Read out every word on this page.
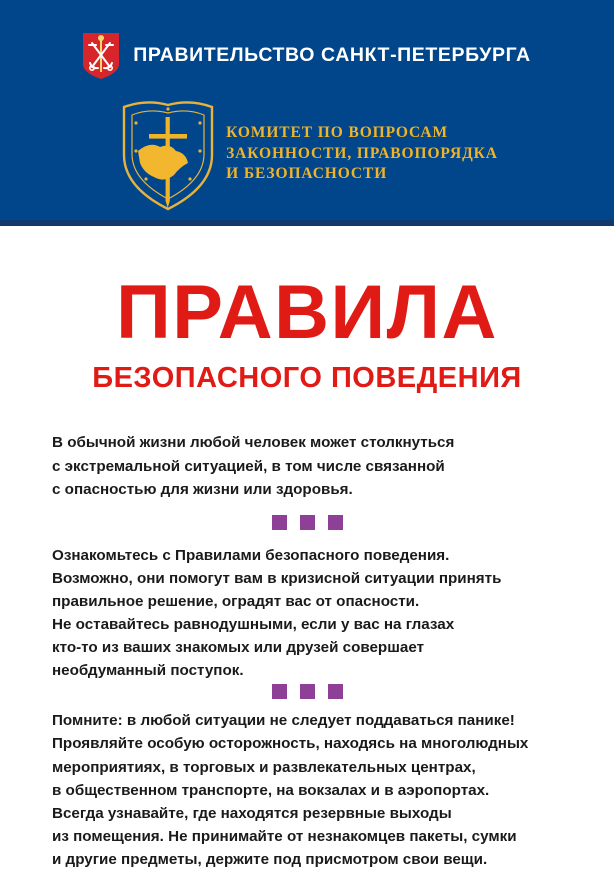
ПРАВИТЕЛЬСТВО САНКТ-ПЕТЕРБУРГА
КОМИТЕТ ПО ВОПРОСАМ
ЗАКОННОСТИ, ПРАВОПОРЯДКА
И БЕЗОПАСНОСТИ
ПРАВИЛА
БЕЗОПАСНОГО ПОВЕДЕНИЯ

В обычной жизни любой человек может столкнуться
с экстремальной ситуацией, в том числе связанной
с опасностью для жизни или здоровья.

Ознакомьтесь с Правилами безопасного поведения.
Возможно, они помогут вам в кризисной ситуации принять
правильное решение, оградят вас от опасности.
Не оставайтесь равнодушными, если у вас на глазах
кто-то из ваших знакомых или друзей совершает
необдуманный поступок.

Помните: в любой ситуации не следует поддаваться панике!
Проявляйте особую осторожность, находясь на многолюдных
мероприятиях, в торговых и развлекательных центрах,
в общественном транспорте, на вокзалах и в аэропортах.
Всегда узнавайте, где находятся резервные выходы
из помещения. Не принимайте от незнакомцев пакеты, сумки
и другие предметы, держите под присмотром свои вещи.
